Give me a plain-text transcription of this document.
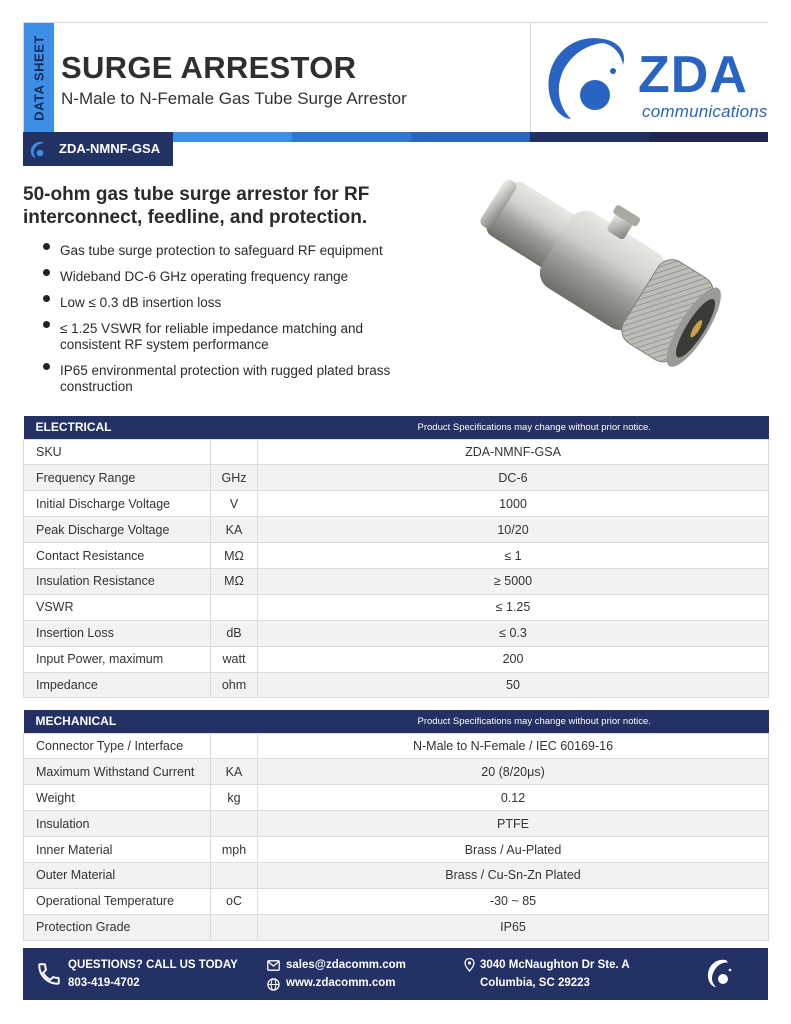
DATA SHEET SURGE ARRESTOR
N-Male to N-Female Gas Tube Surge Arrestor	ZDA
communications
ZDA-NMNF-GSA
50-ohm gas tube surge arrestor for RF interconnect, feedline, and protection.
Gas tube surge protection to safeguard RF equipment
Wideband DC-6 GHz operating frequency range
Low ≤ 0.3 dB insertion loss
≤ 1.25 VSWR for reliable impedance matching and consistent RF system performance
IP65 environmental protection with rugged plated brass construction
ELECTRICAL		Product Specifications may change without prior notice.
SKU		ZDA-NMNF-GSA
Frequency Range	GHz	DC-6
Initial Discharge Voltage	V	1000
Peak Discharge Voltage	KA	10/20
Contact Resistance	MΩ	≤ 1
Insulation Resistance	MΩ	≥ 5000
VSWR		≤ 1.25
Insertion Loss	dB	≤ 0.3
Input Power, maximum	watt	200
Impedance	ohm	50
MECHANICAL		Product Specifications may change without prior notice.
Connector Type / Interface		N-Male to N-Female / IEC 60169-16
Maximum Withstand Current	KA	20 (8/20μs)
Weight	kg	0.12
Insulation		PTFE
Inner Material	mph	Brass / Au-Plated
Outer Material		Brass / Cu-Sn-Zn Plated
Operational Temperature	oC	-30 ~ 85
Protection Grade		IP65
QUESTIONS? CALL US TODAY
803-419-4702
sales@zdacomm.com
www.zdacomm.com
3040 McNaughton Dr Ste. A
Columbia, SC 29223
